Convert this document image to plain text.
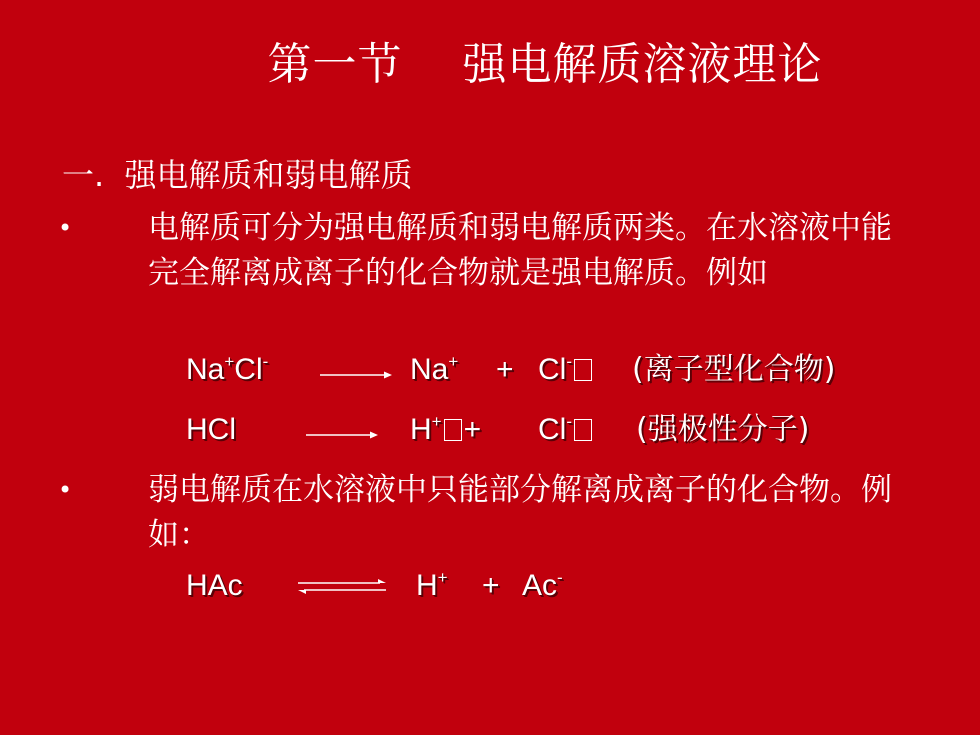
第一节    强电解质溶液理论
一.  强电解质和弱电解质
• 电解质可分为强电解质和弱电解质两类。在水溶液中能完全解离成离子的化合物就是强电解质。例如
Na+Cl-	Na+ + Cl-	(离子型化合物)
HCl	H+ + Cl-	(强极性分子)
• 弱电解质在水溶液中只能部分解离成离子的化合物。例如：
HAc ⇌ H+ + Ac-
